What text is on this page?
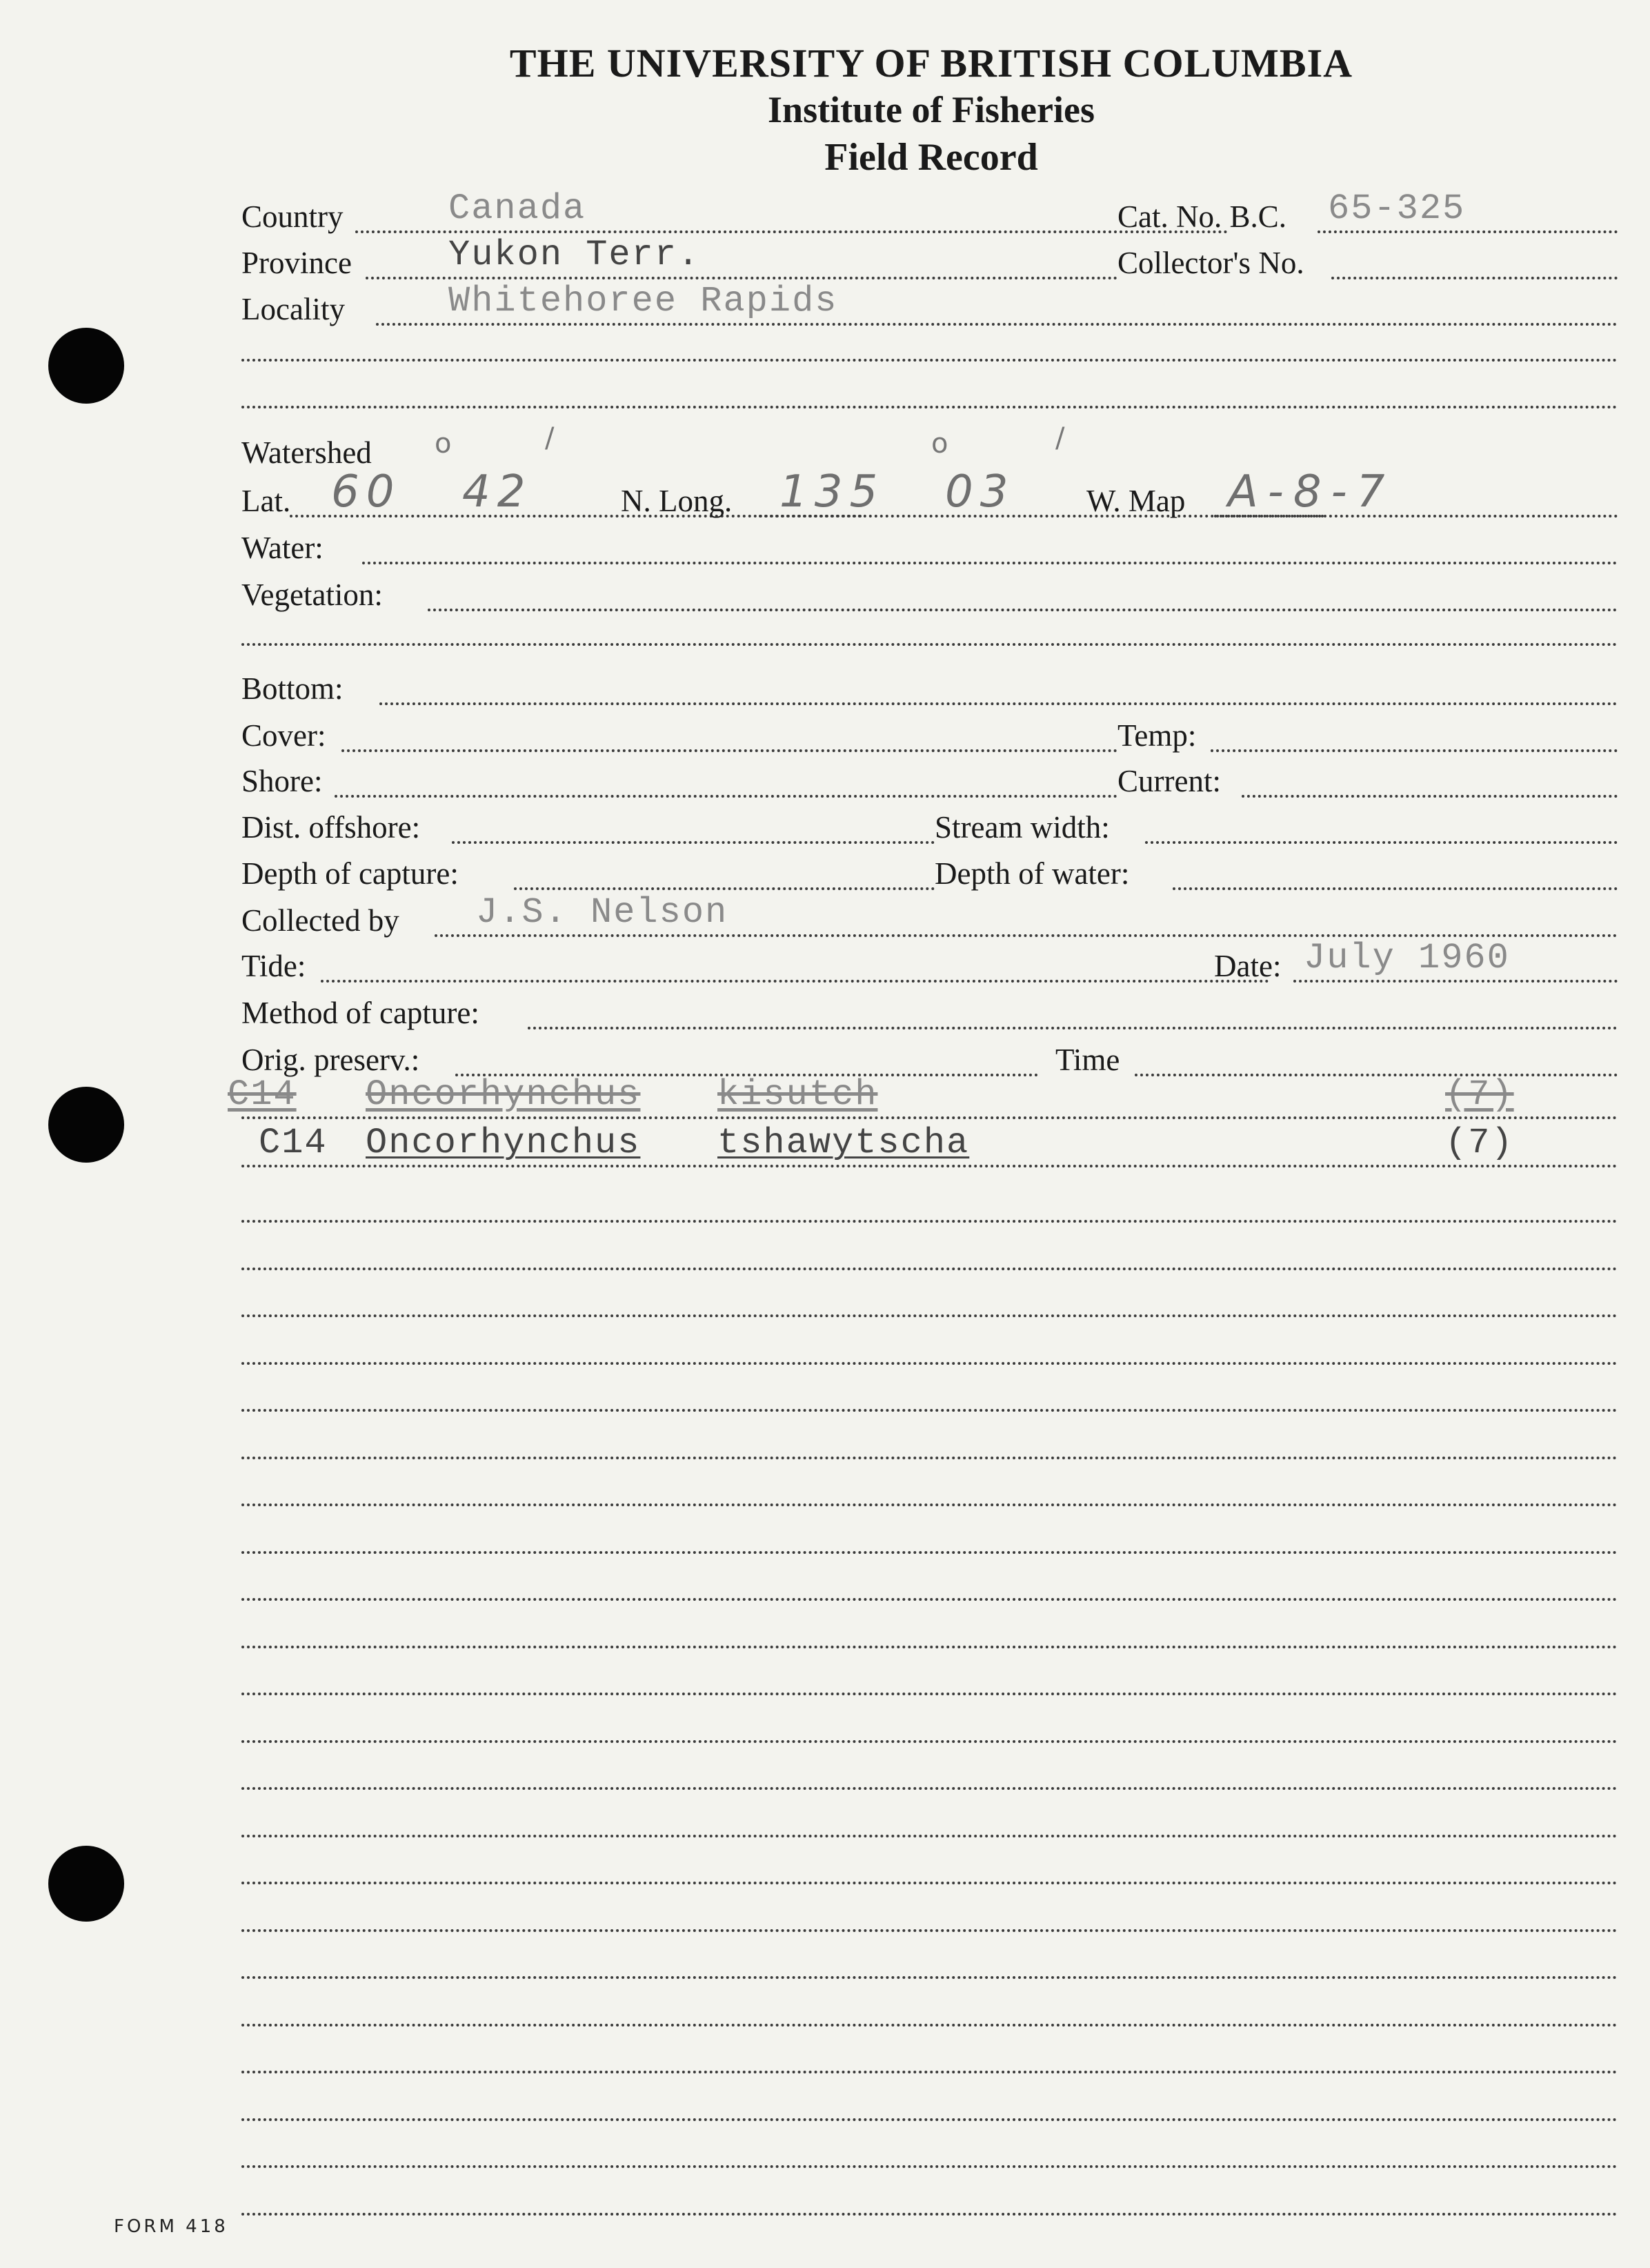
THE UNIVERSITY OF BRITISH COLUMBIA
Institute of Fisheries
Field Record
Country	Canada	Cat. No. B.C. 65-325
Province	Yukon Terr.	Collector's No.
Locality	Whitehoree Rapids
Watershed o	/	o	/
Lat. 60 42	N. Long. 135 03 W. Map A-8-7
Water:
Vegetation:
Bottom:
Cover:	Temp:
Shore:	Current:
Dist. offshore:	Stream width:
Depth of capture:	Depth of water:
Collected by J.S. Nelson
Tide:	Date: July 1960
Method of capture:
Orig. preserv.:	Time
C14 Oncorhynchus kisutch	(7)
C14 Oncorhynchus tshawytscha	(7)
FORM 418
